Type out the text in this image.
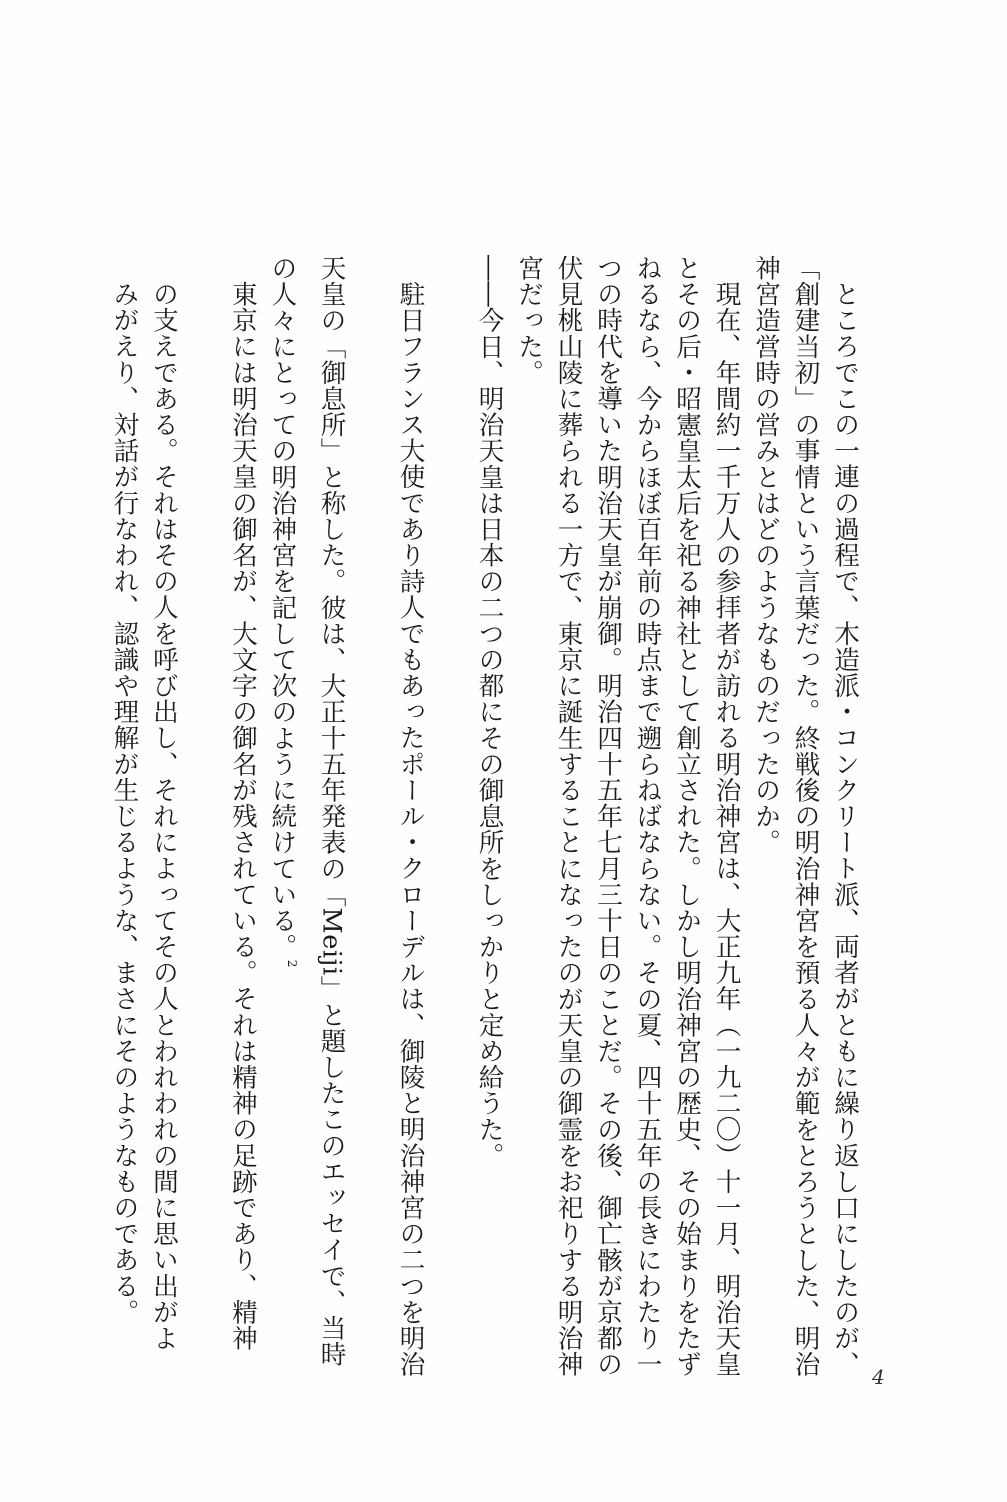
ところでこの一連の過程で、木造派・コンクリート派、両者がともに繰り返し口にしたのが、
「創建当初」の事情という言葉だった。終戦後の明治神宮を預る人々が範をとろうとした、明治
神宮造営時の営みとはどのようなものだったのか。
現在、年間約一千万人の参拝者が訪れる明治神宮は、大正九年（一九二〇）十一月、明治天皇
とその后・昭憲皇太后を祀る神社として創立された。しかし明治神宮の歴史、その始まりをたず
ねるなら、今からほぼ百年前の時点まで遡らねばならない。その夏、四十五年の長きにわたり一
つの時代を導いた明治天皇が崩御。明治四十五年七月三十日のことだ。その後、御亡骸が京都の
伏見桃山陵に葬られる一方で、東京に誕生することになったのが天皇の御霊をお祀りする明治神
宮だった。
――今日、明治天皇は日本の二つの都にその御息所をしっかりと定め給うた。
駐日フランス大使であり詩人でもあったポール・クローデルは、御陵と明治神宮の二つを明治
天皇の「御息所」と称した。彼は、大正十五年発表の「Meiji」と題したこのエッセイで、当時
の人々にとっての明治神宮を記して次のように続けている。$^2$
東京には明治天皇の御名が、大文字の御名が残されている。それは精神の足跡であり、精神
の支えである。それはその人を呼び出し、それによってその人とわれわれの間に思い出がよ
みがえり、対話が行なわれ、認識や理解が生じるような、まさにそのようなものである。
4
